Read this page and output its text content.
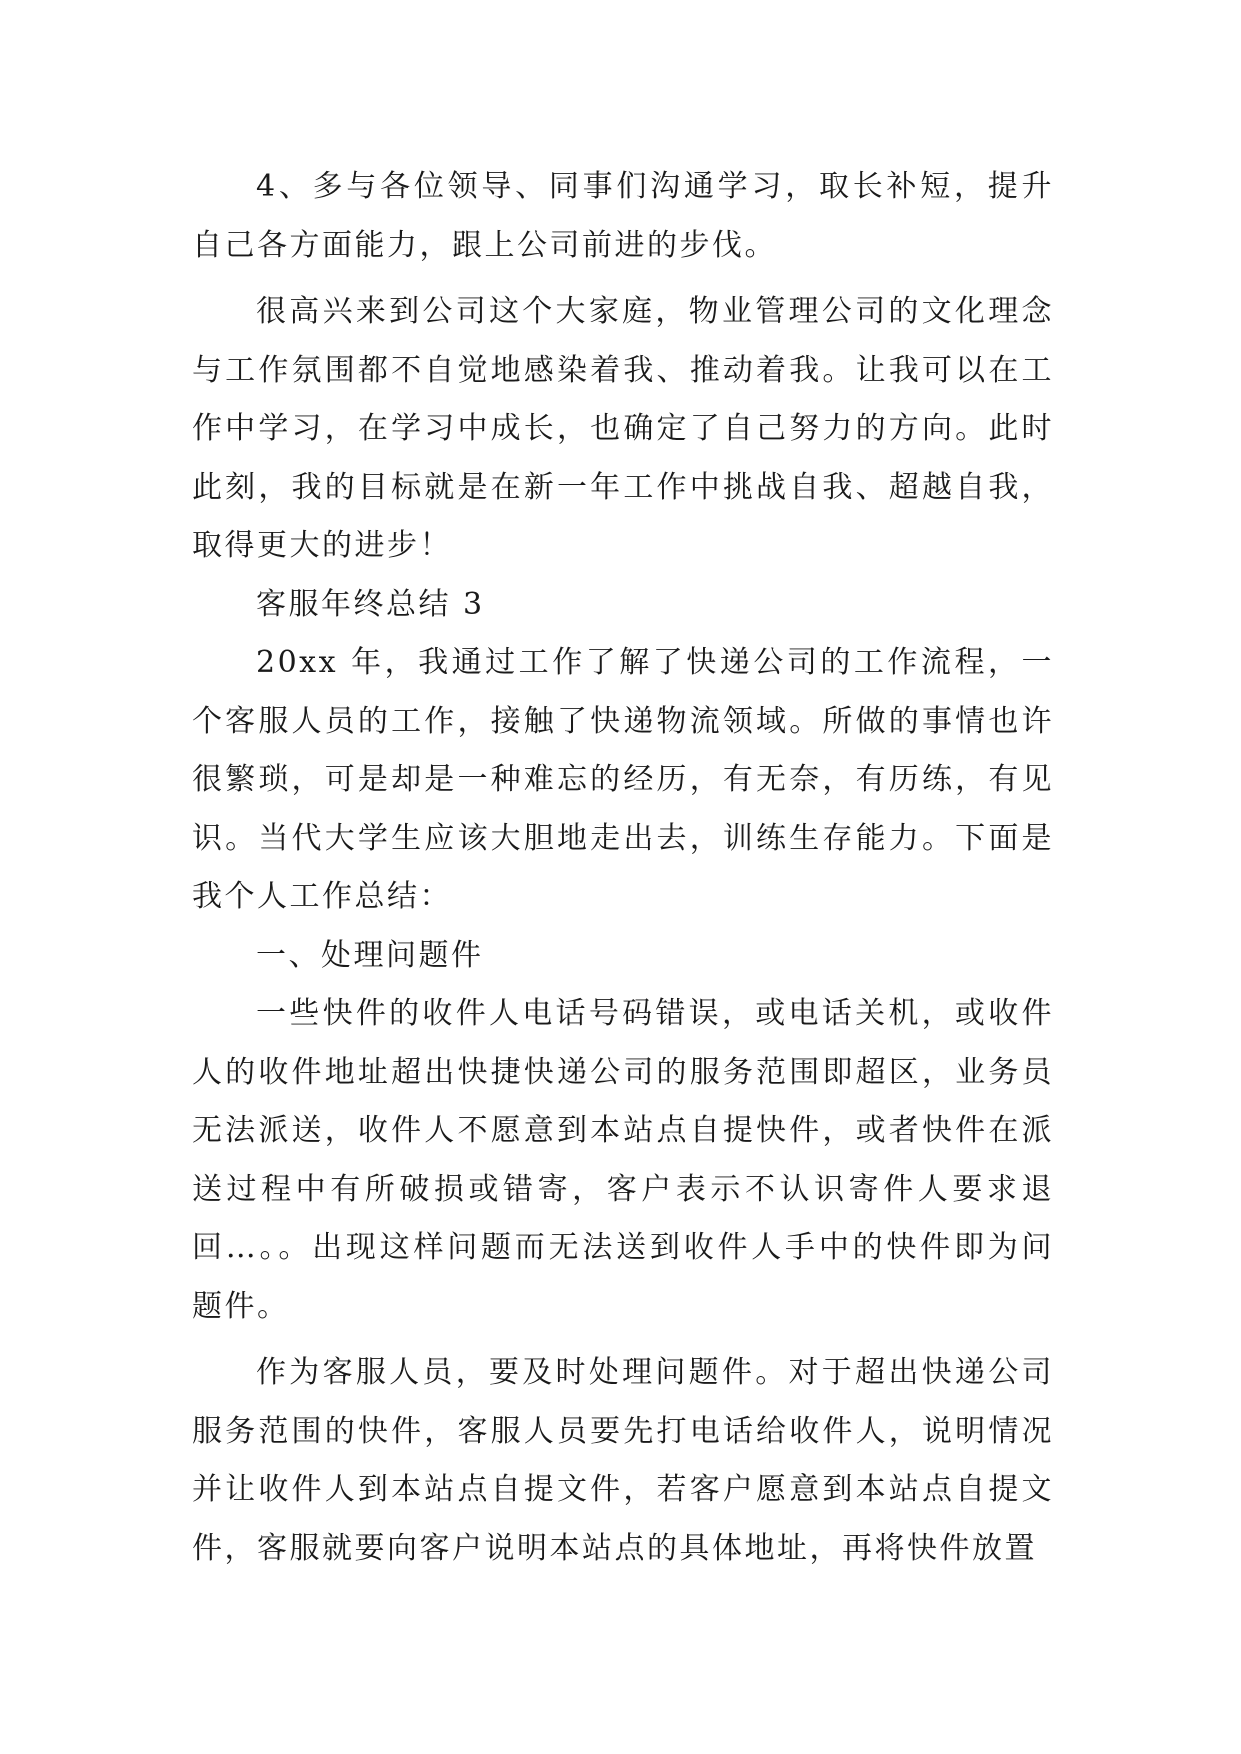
4、多与各位领导、同事们沟通学习，取长补短，提升自己各方面能力，跟上公司前进的步伐。

很高兴来到公司这个大家庭，物业管理公司的文化理念与工作氛围都不自觉地感染着我、推动着我。让我可以在工作中学习，在学习中成长，也确定了自己努力的方向。此时此刻，我的目标就是在新一年工作中挑战自我、超越自我，取得更大的进步！

客服年终总结 3

20xx 年，我通过工作了解了快递公司的工作流程，一个客服人员的工作，接触了快递物流领域。所做的事情也许很繁琐，可是却是一种难忘的经历，有无奈，有历练，有见识。当代大学生应该大胆地走出去，训练生存能力。下面是我个人工作总结：

一、处理问题件

一些快件的收件人电话号码错误，或电话关机，或收件人的收件地址超出快捷快递公司的服务范围即超区，业务员无法派送，收件人不愿意到本站点自提快件，或者快件在派送过程中有所破损或错寄，客户表示不认识寄件人要求退回…。。出现这样问题而无法送到收件人手中的快件即为问题件。

作为客服人员，要及时处理问题件。对于超出快递公司服务范围的快件，客服人员要先打电话给收件人，说明情况并让收件人到本站点自提文件，若客户愿意到本站点自提文件，客服就要向客户说明本站点的具体地址，再将快件放置
